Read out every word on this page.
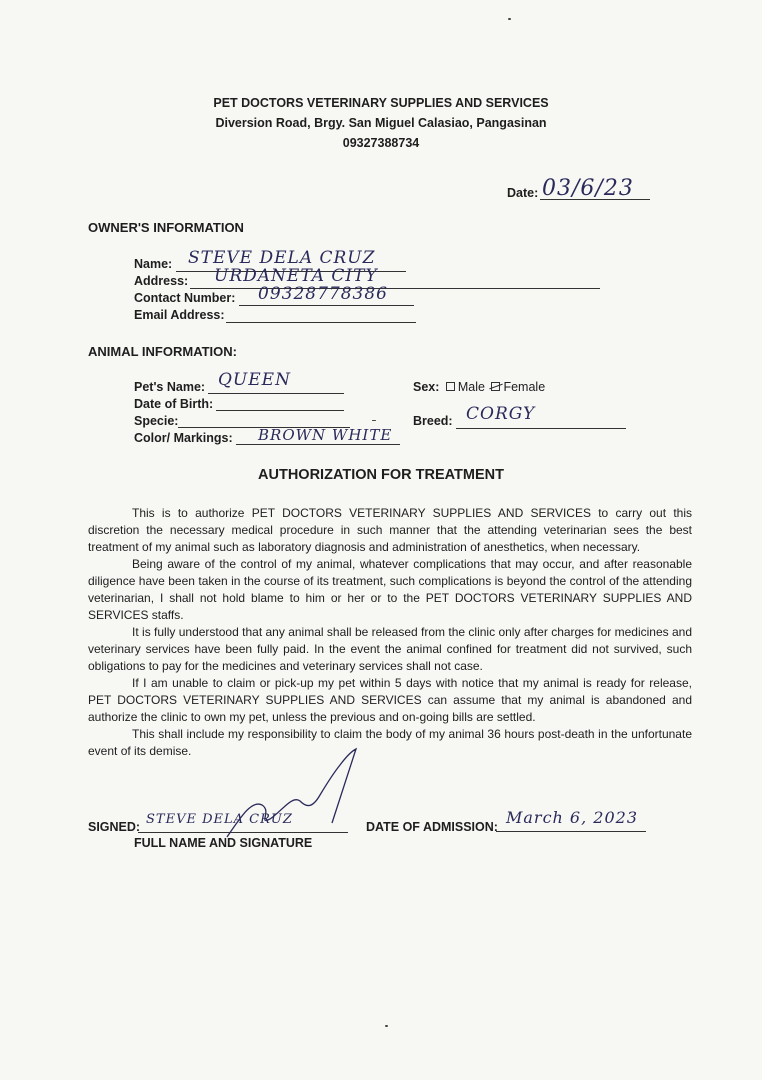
PET DOCTORS VETERINARY SUPPLIES AND SERVICES
Diversion Road, Brgy. San Miguel Calasiao, Pangasinan
09327388734
Date: 03/6/23
OWNER'S INFORMATION
Name: STEVE DELA CRUZ
Address: URDANETA CITY
Contact Number: 09328778386
Email Address:
ANIMAL INFORMATION:
Pet's Name: QUEEN
Date of Birth:
Specie:
Color/ Markings: BROWN WHITE
Sex: Male Female
Breed: CORGY
AUTHORIZATION FOR TREATMENT

This is to authorize PET DOCTORS VETERINARY SUPPLIES AND SERVICES to carry out this discretion the necessary medical procedure in such manner that the attending veterinarian sees the best treatment of my animal such as laboratory diagnosis and administration of anesthetics, when necessary.

Being aware of the control of my animal, whatever complications that may occur, and after reasonable diligence have been taken in the course of its treatment, such complications is beyond the control of the attending veterinarian, I shall not hold blame to him or her or to the PET DOCTORS VETERINARY SUPPLIES AND SERVICES staffs.

It is fully understood that any animal shall be released from the clinic only after charges for medicines and veterinary services have been fully paid. In the event the animal confined for treatment did not survived, such obligations to pay for the medicines and veterinary services shall not case.

If I am unable to claim or pick-up my pet within 5 days with notice that my animal is ready for release, PET DOCTORS VETERINARY SUPPLIES AND SERVICES can assume that my animal is abandoned and authorize the clinic to own my pet, unless the previous and on-going bills are settled.

This shall include my responsibility to claim the body of my animal 36 hours post-death in the unfortunate event of its demise.

SIGNED: STEVE DELA CRUZ
FULL NAME AND SIGNATURE
DATE OF ADMISSION: March 6, 2023
